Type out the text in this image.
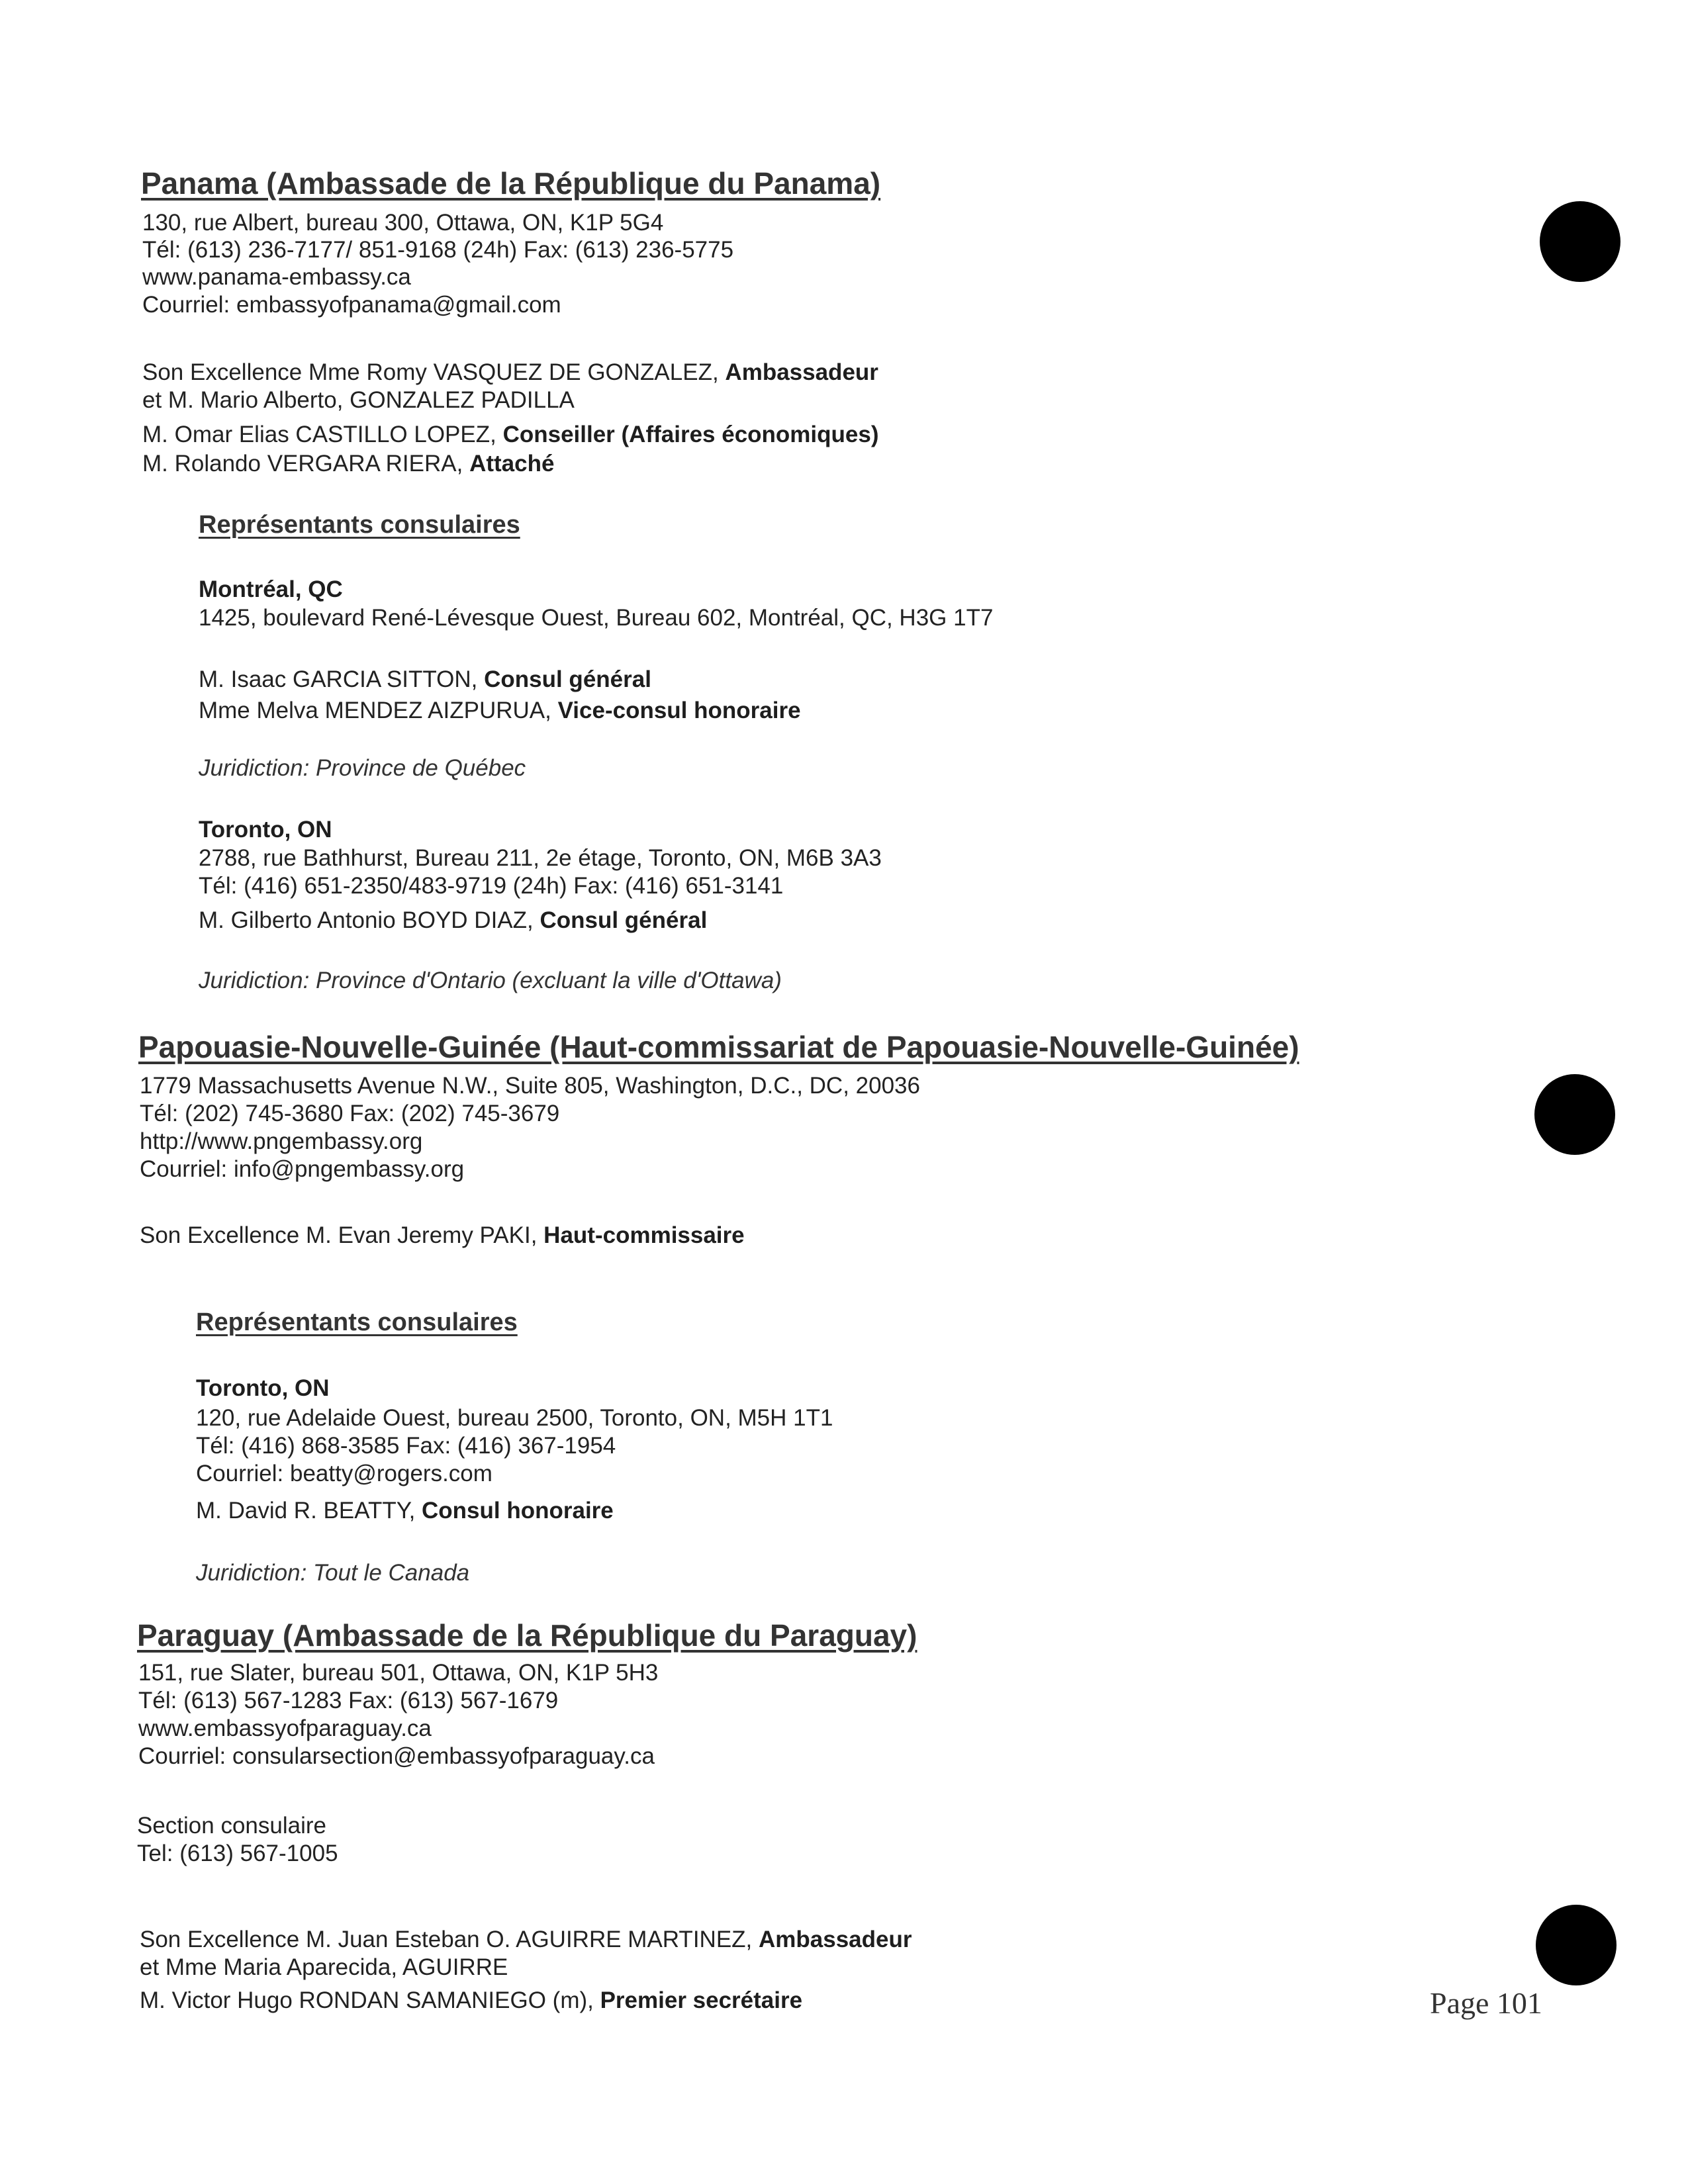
Panama (Ambassade de la République du Panama)
130, rue Albert, bureau 300, Ottawa, ON, K1P 5G4
Tél: (613) 236-7177/ 851-9168 (24h) Fax: (613) 236-5775
www.panama-embassy.ca
Courriel: embassyofpanama@gmail.com
Son Excellence Mme Romy VASQUEZ DE GONZALEZ, Ambassadeur
et M. Mario Alberto, GONZALEZ PADILLA
M. Omar Elias CASTILLO LOPEZ, Conseiller (Affaires économiques)
M. Rolando VERGARA RIERA, Attaché
Représentants consulaires
Montréal, QC
1425, boulevard René-Lévesque Ouest, Bureau 602, Montréal, QC, H3G 1T7
M. Isaac GARCIA SITTON, Consul général
Mme Melva MENDEZ AIZPURUA, Vice-consul honoraire
Juridiction: Province de Québec
Toronto, ON
2788, rue Bathhurst, Bureau 211, 2e étage, Toronto, ON, M6B 3A3
Tél: (416) 651-2350/483-9719 (24h) Fax: (416) 651-3141
M. Gilberto Antonio BOYD DIAZ, Consul général
Juridiction: Province d'Ontario (excluant la ville d'Ottawa)
Papouasie-Nouvelle-Guinée (Haut-commissariat de Papouasie-Nouvelle-Guinée)
1779 Massachusetts Avenue N.W., Suite 805, Washington, D.C., DC, 20036
Tél: (202) 745-3680 Fax: (202) 745-3679
http://www.pngembassy.org
Courriel: info@pngembassy.org
Son Excellence M. Evan Jeremy PAKI, Haut-commissaire
Représentants consulaires
Toronto, ON
120, rue Adelaide Ouest, bureau 2500, Toronto, ON, M5H 1T1
Tél: (416) 868-3585 Fax: (416) 367-1954
Courriel: beatty@rogers.com
M. David R. BEATTY, Consul honoraire
Juridiction: Tout le Canada
Paraguay (Ambassade de la République du Paraguay)
151, rue Slater, bureau 501, Ottawa, ON, K1P 5H3
Tél: (613) 567-1283 Fax: (613) 567-1679
www.embassyofparaguay.ca
Courriel: consularsection@embassyofparaguay.ca
Section consulaire
Tel: (613) 567-1005
Son Excellence M. Juan Esteban O. AGUIRRE MARTINEZ, Ambassadeur
et Mme Maria Aparecida, AGUIRRE
M. Victor Hugo RONDAN SAMANIEGO (m), Premier secrétaire	Page 101
